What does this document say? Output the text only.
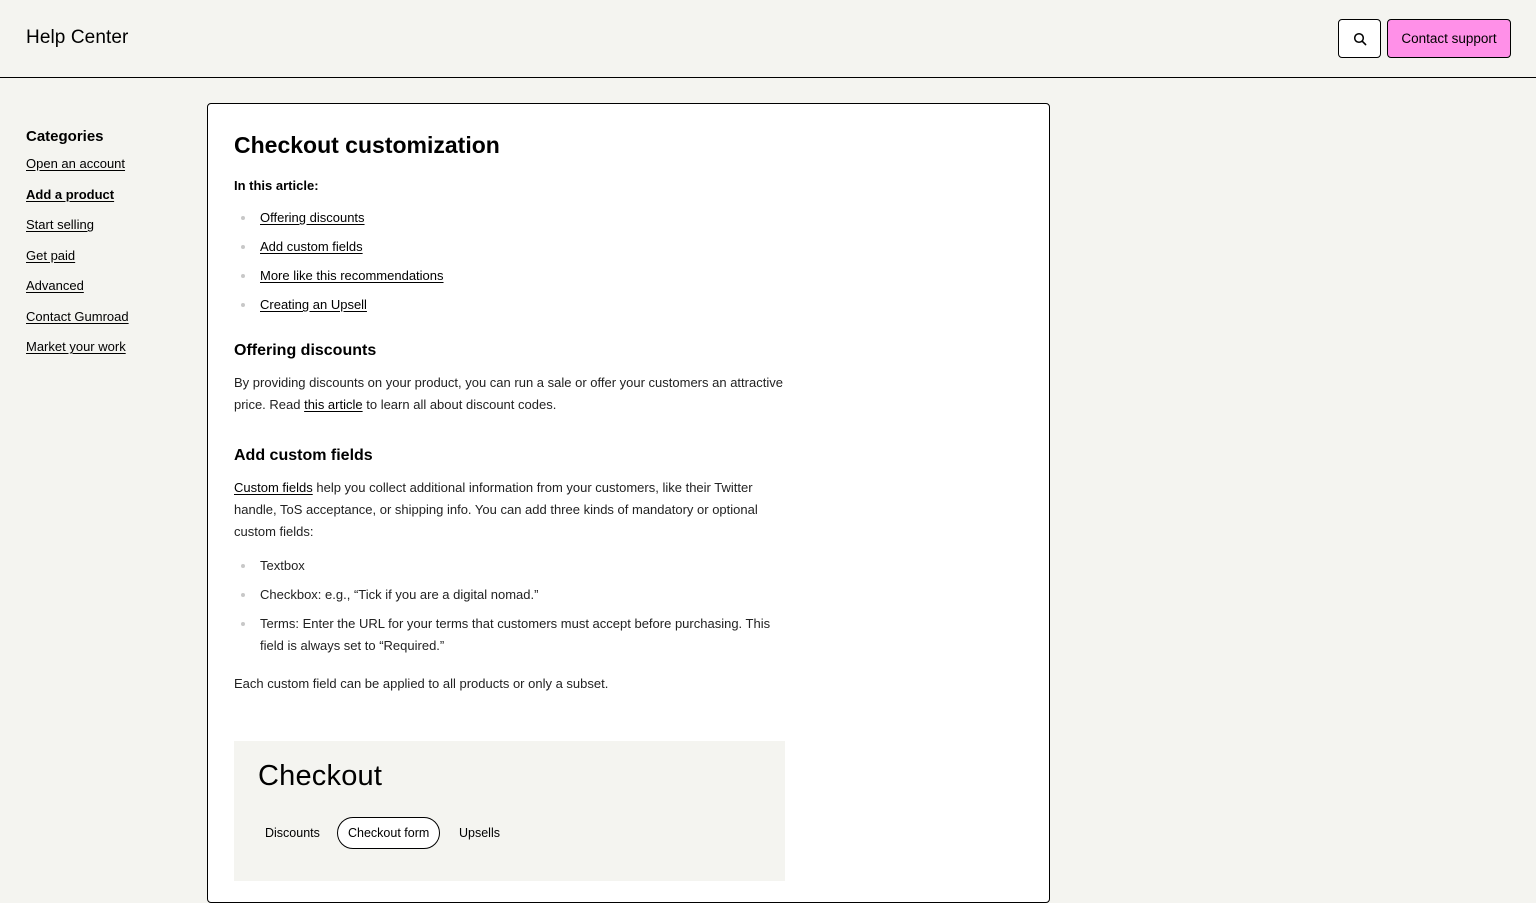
Help Center	Contact support
Categories
Open an account
Add a product
Start selling
Get paid
Advanced
Contact Gumroad
Market your work
Checkout customization
In this article:
Offering discounts
Add custom fields
More like this recommendations
Creating an Upsell
Offering discounts

By providing discounts on your product, you can run a sale or offer your customers an attractive price. Read this article to learn all about discount codes.

Add custom fields

Custom fields help you collect additional information from your customers, like their Twitter handle, ToS acceptance, or shipping info. You can add three kinds of mandatory or optional custom fields:

Textbox
Checkbox: e.g., “Tick if you are a digital nomad.”
Terms: Enter the URL for your terms that customers must accept before purchasing. This field is always set to “Required.”

Each custom field can be applied to all products or only a subset.

Checkout
Discounts	Checkout form	Upsells
